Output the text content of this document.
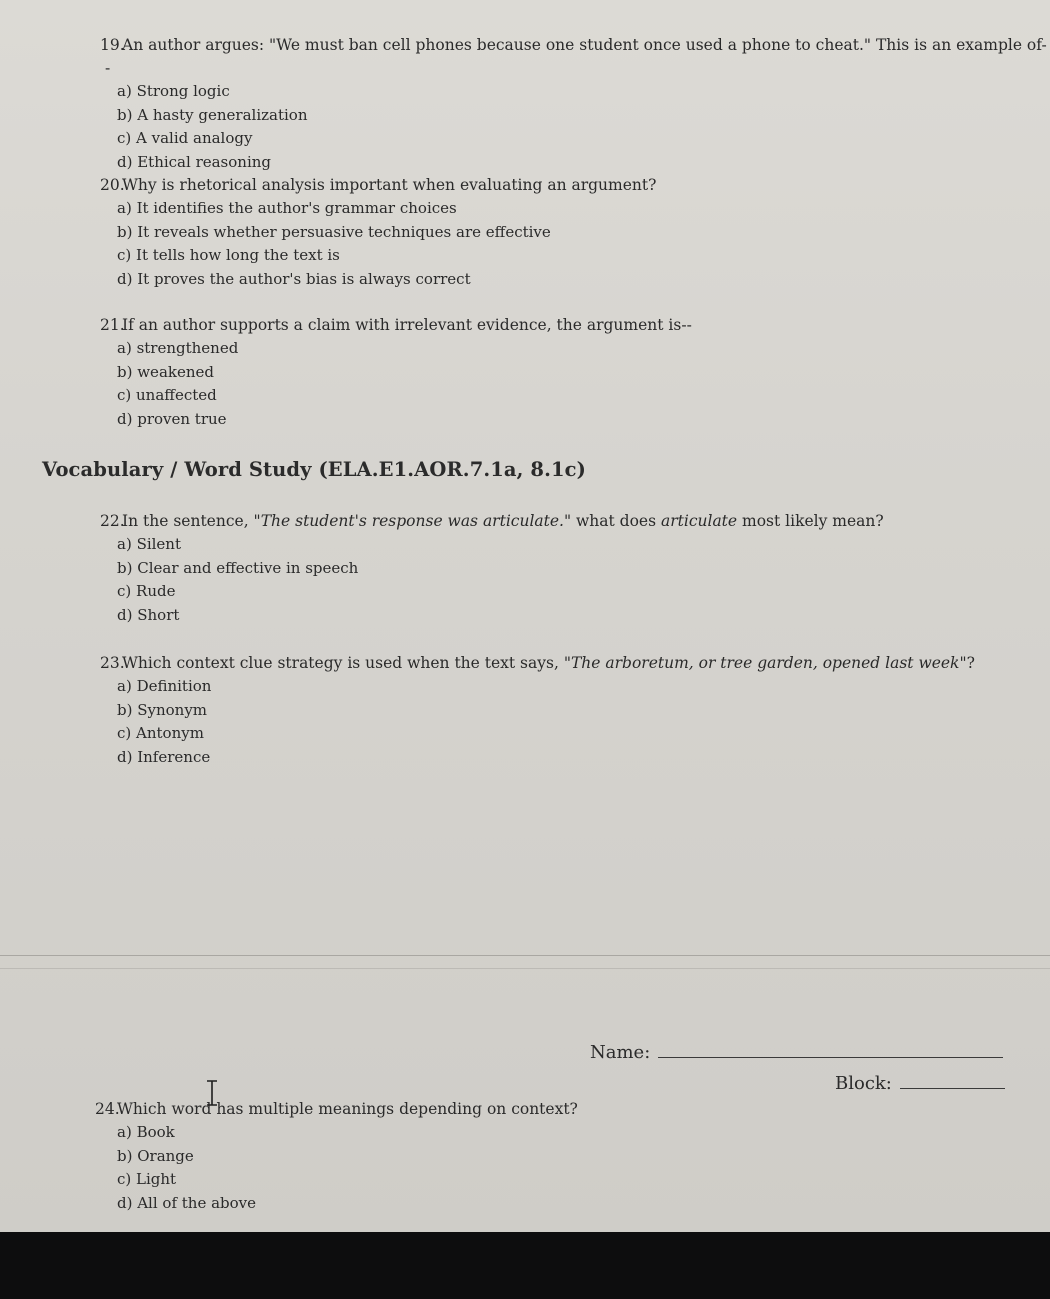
19.An author argues: "We must ban cell phones because one student once used a phone to cheat." This is an example of--
a) Strong logic
b) A hasty generalization
c) A valid analogy
d) Ethical reasoning
20.Why is rhetorical analysis important when evaluating an argument?
a) It identifies the author's grammar choices
b) It reveals whether persuasive techniques are effective
c) It tells how long the text is
d) It proves the author's bias is always correct
21.If an author supports a claim with irrelevant evidence, the argument is--
a) strengthened
b) weakened
c) unaffected
d) proven true
Vocabulary / Word Study (ELA.E1.AOR.7.1a, 8.1c)
22.In the sentence, "The student's response was articulate." what does articulate most likely mean?
a) Silent
b) Clear and effective in speech
c) Rude
d) Short
23.Which context clue strategy is used when the text says, "The arboretum, or tree garden, opened last week"?
a) Definition
b) Synonym
c) Antonym
d) Inference
Name:
Block:
24.Which word has multiple meanings depending on context?
a) Book
b) Orange
c) Light
d) All of the above
